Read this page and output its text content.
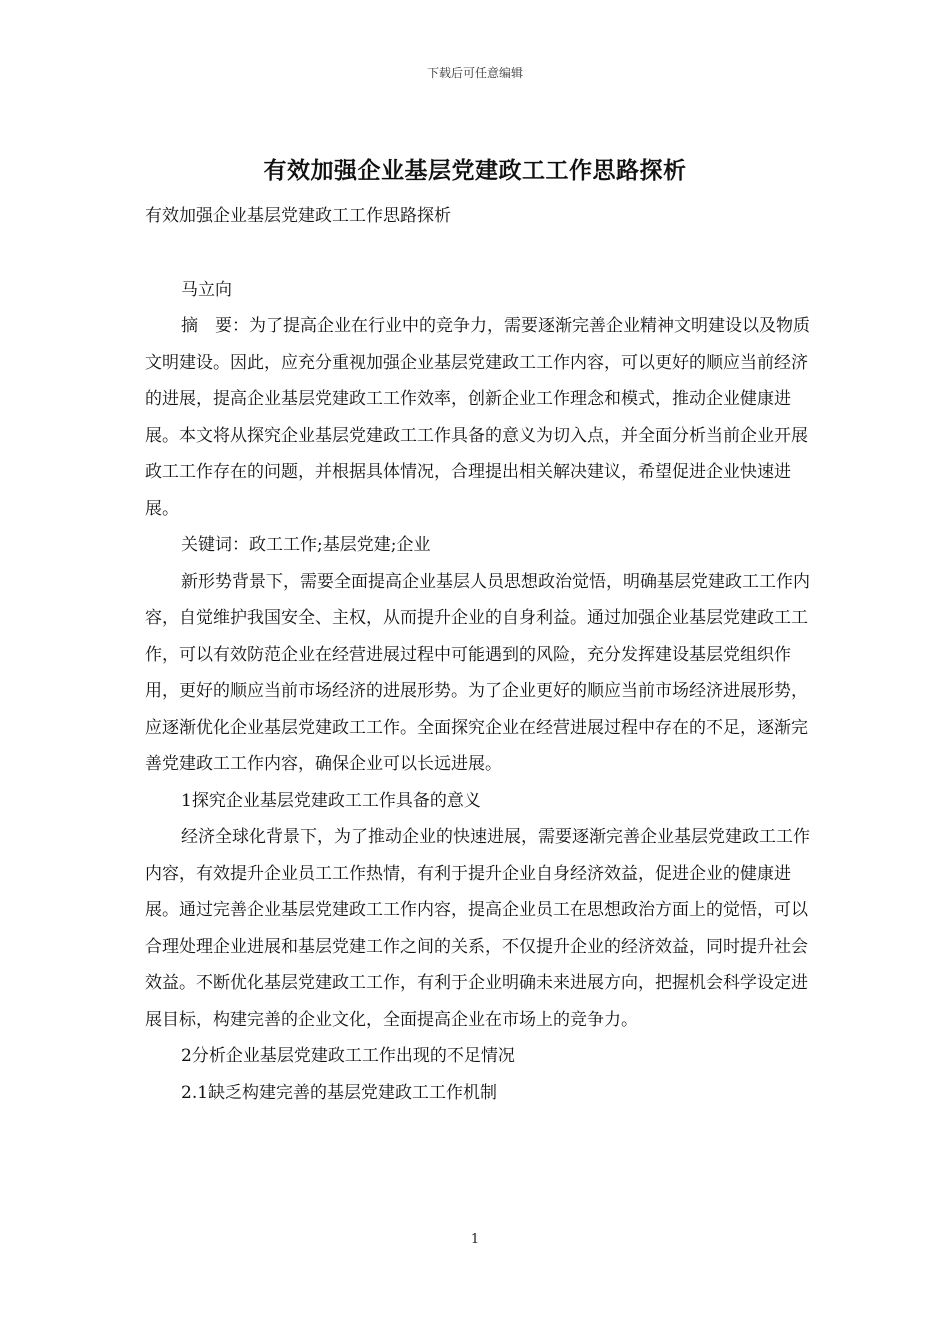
下载后可任意编辑
有效加强企业基层党建政工工作思路探析

有效加强企业基层党建政工工作思路探析

马立向

摘　要：为了提高企业在行业中的竞争力，需要逐渐完善企业精神文明建设以及物质文明建设。因此，应充分重视加强企业基层党建政工工作内容，可以更好的顺应当前经济的进展，提高企业基层党建政工工作效率，创新企业工作理念和模式，推动企业健康进展。本文将从探究企业基层党建政工工作具备的意义为切入点，并全面分析当前企业开展政工工作存在的问题，并根据具体情况，合理提出相关解决建议，希望促进企业快速进展。

关键词：政工工作;基层党建;企业

新形势背景下，需要全面提高企业基层人员思想政治觉悟，明确基层党建政工工作内容，自觉维护我国安全、主权，从而提升企业的自身利益。通过加强企业基层党建政工工作，可以有效防范企业在经营进展过程中可能遇到的风险，充分发挥建设基层党组织作用，更好的顺应当前市场经济的进展形势。为了企业更好的顺应当前市场经济进展形势，应逐渐优化企业基层党建政工工作。全面探究企业在经营进展过程中存在的不足，逐渐完善党建政工工作内容，确保企业可以长远进展。

1探究企业基层党建政工工作具备的意义

经济全球化背景下，为了推动企业的快速进展，需要逐渐完善企业基层党建政工工作内容，有效提升企业员工工作热情，有利于提升企业自身经济效益，促进企业的健康进展。通过完善企业基层党建政工工作内容，提高企业员工在思想政治方面上的觉悟，可以合理处理企业进展和基层党建工作之间的关系，不仅提升企业的经济效益，同时提升社会效益。不断优化基层党建政工工作，有利于企业明确未来进展方向，把握机会科学设定进展目标，构建完善的企业文化，全面提高企业在市场上的竞争力。

2分析企业基层党建政工工作出现的不足情况

2.1缺乏构建完善的基层党建政工工作机制

1
